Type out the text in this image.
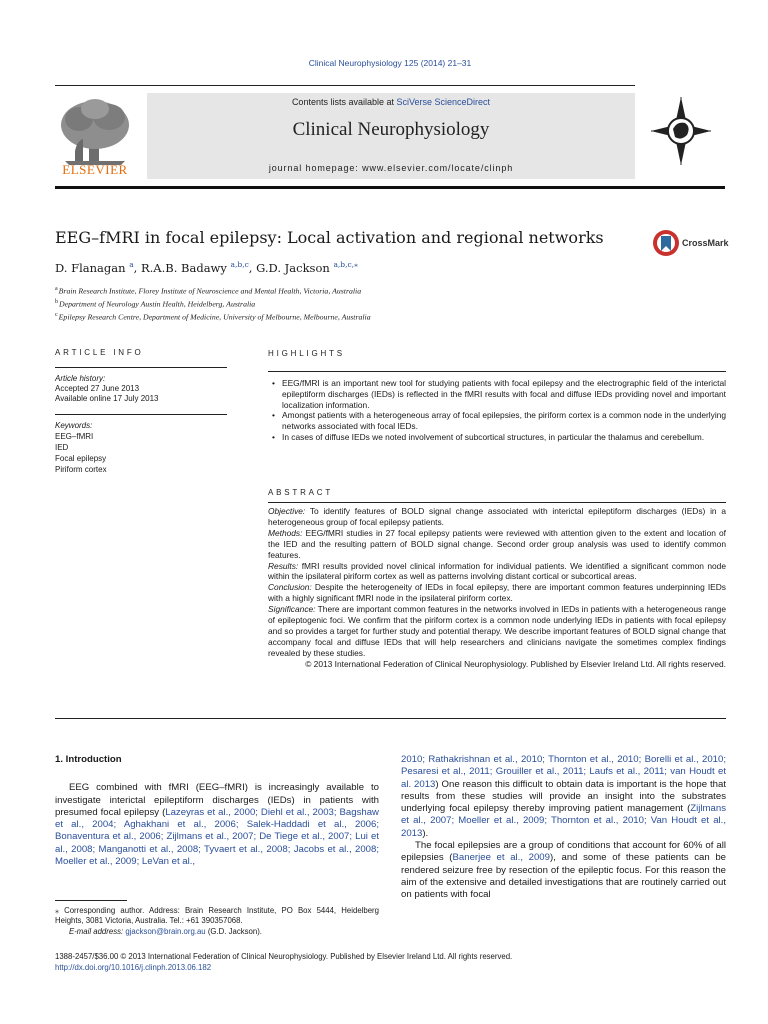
Clinical Neurophysiology 125 (2014) 21–31
ELSEVIER
Contents lists available at SciVerse ScienceDirect
Clinical Neurophysiology
journal homepage: www.elsevier.com/locate/clinph
EEG–fMRI in focal epilepsy: Local activation and regional networks	CrossMark
D. Flanagan $^a$, R.A.B. Badawy $^{a,b,c}$, G.D. Jackson $^{a,b,c,⁎}$
$^a$Brain Research Institute, Florey Institute of Neuroscience and Mental Health, Victoria, Australia
$^b$Department of Neurology Austin Health, Heidelberg, Australia
$^c$Epilepsy Research Centre, Department of Medicine, University of Melbourne, Melbourne, Australia
ARTICLE INFO
Article history:
Accepted 27 June 2013
Available online 17 July 2013
Keywords:
EEG–fMRI
IED
Focal epilepsy
Piriform cortex
HIGHLIGHTS
• EEG/fMRI is an important new tool for studying patients with focal epilepsy and the electrographic field of the interictal epileptiform discharges (IEDs) is reflected in the fMRI results with focal and diffuse IEDs providing novel and important localization information.
• Amongst patients with a heterogeneous array of focal epilepsies, the piriform cortex is a common node in the underlying networks associated with focal IEDs.
• In cases of diffuse IEDs we noted involvement of subcortical structures, in particular the thalamus and cerebellum.
ABSTRACT

Objective: To identify features of BOLD signal change associated with interictal epileptiform discharges (IEDs) in a heterogeneous group of focal epilepsy patients.

Methods: EEG/fMRI studies in 27 focal epilepsy patients were reviewed with attention given to the extent and location of the IED and the resulting pattern of BOLD signal change. Second order group analysis was used to identify common features.

Results: fMRI results provided novel clinical information for individual patients. We identified a significant common node within the ipsilateral piriform cortex as well as patterns involving distant cortical or subcortical areas.

Conclusion: Despite the heterogeneity of IEDs in focal epilepsy, there are important common features underpinning IEDs with a highly significant fMRI node in the ipsilateral piriform cortex.

Significance: There are important common features in the networks involved in IEDs in patients with a heterogeneous range of epileptogenic foci. We confirm that the piriform cortex is a common node underlying IEDs in patients with focal epilepsy and so provides a target for further study and potential therapy. We describe important features of BOLD signal change that accompany focal and diffuse IEDs that will help researchers and clinicians navigate the sometimes complex findings revealed by these studies.

© 2013 International Federation of Clinical Neurophysiology. Published by Elsevier Ireland Ltd. All rights reserved.

1. Introduction

EEG combined with fMRI (EEG–fMRI) is increasingly available to investigate interictal epileptiform discharges (IEDs) in patients with presumed focal epilepsy (Lazeyras et al., 2000; Diehl et al., 2003; Bagshaw et al., 2004; Aghakhani et al., 2006; Salek-Haddadi et al., 2006; Bonaventura et al., 2006; Zijlmans et al., 2007; De Tiege et al., 2007; Lui et al., 2008; Manganotti et al., 2008; Tyvaert et al., 2008; Jacobs et al., 2008; Moeller et al., 2009; LeVan et al.,

2010; Rathakrishnan et al., 2010; Thornton et al., 2010; Borelli et al., 2010; Pesaresi et al., 2011; Grouiller et al., 2011; Laufs et al., 2011; van Houdt et al. 2013) One reason this difficult to obtain data is important is the hope that results from these studies will provide an insight into the substrates underlying focal epilepsy thereby improving patient management (Zijlmans et al., 2007; Moeller et al., 2009; Thornton et al., 2010; Van Houdt et al., 2013).

The focal epilepsies are a group of conditions that account for 60% of all epilepsies (Banerjee et al., 2009), and some of these patients can be rendered seizure free by resection of the epileptic focus. For this reason the aim of the extensive and detailed investigations that are routinely carried out on patients with focal

⁎ Corresponding author. Address: Brain Research Institute, PO Box 5444, Heidelberg Heights, 3081 Victoria, Australia. Tel.: +61 390357068.
E-mail address: gjackson@brain.org.au (G.D. Jackson).
1388-2457/$36.00 © 2013 International Federation of Clinical Neurophysiology. Published by Elsevier Ireland Ltd. All rights reserved.
http://dx.doi.org/10.1016/j.clinph.2013.06.182
